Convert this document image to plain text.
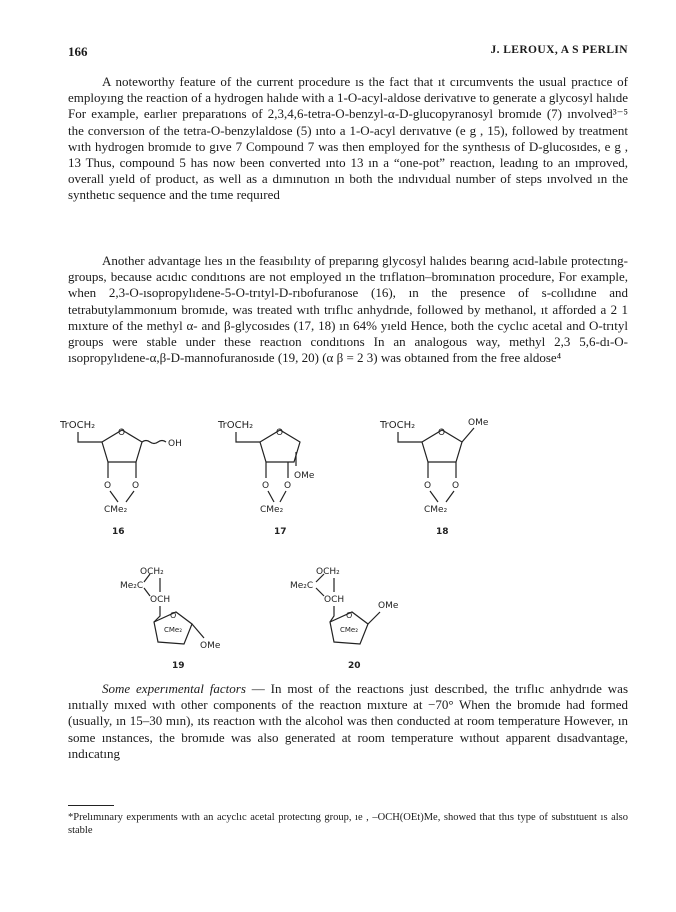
166	J. LEROUX, A S PERLIN

A noteworthy feature of the current procedure ıs the fact that ıt cırcumvents the usual practıce of employıng the reaction of a hydrogen halıde with a 1-O-acyl-aldose derivatıve to generate a glycosyl halıde For example, earlıer preparatıons of 2,3,4,6-tetra-O-benzyl-α-D-glucopyranosyl bromıde (7) ınvolved³⁻⁵ the conversıon of the tetra-O-benzylaldose (5) ınto a 1-O-acyl derıvatıve (e g , 15), followed by treatment wıth hydrogen bromıde to gıve 7 Compound 7 was then employed for the synthesıs of D-glucosıdes, e g , 13 Thus, compound 5 has now been converted ınto 13 ın a “one-pot” reactıon, leadıng to an ımproved, overall yıeld of product, as well as a dımınutıon ın both the ındıvıdual number of steps ınvolved ın the synthetıc sequence and the tıme requıred

Another advantage lıes ın the feasıbılıty of preparıng glycosyl halıdes bearıng acıd-labıle protectıng-groups, because acıdıc condıtıons are not employed ın the trıflatıon–bromınatıon procedure, For example, when 2,3-O-ısopropylıdene-5-O-trıtyl-D-rıbofuranose (16), ın the presence of s-collıdıne and tetrabutylammonıum bromıde, was treated wıth trıflıc anhydrıde, followed by methanol, ıt afforded a 2 1 mıxture of the methyl α- and β-glycosıdes (17, 18) ın 64% yıeld Hence, both the cyclıc acetal and O-trıtyl groups were stable under these reactıon condıtıons In an analogous way, methyl 2,3 5,6-dı-O-ısopropylıdene-α,β-D-mannofuranosıde (19, 20) (α β = 2 3) was obtaıned from the free aldose⁴

TrOCH₂
O
OH
O O
CMe₂
16
TrOCH₂
O
OMe
O O
CMe₂
17
TrOCH₂
O
OMe
O O
CMe₂
18
OCH₂
Me₂C
OCH
O
CMe₂
OMe
19
OCH₂
Me₂C
OCH
O
CMe₂
OMe
20

Some experımental factors — In most of the reactıons just descrıbed, the trıflıc anhydrıde was ınıtıally mıxed wıth other components of the reactıon mıxture at −70° When the bromıde had formed (usually, ın 15–30 mın), ıts reactıon wıth the alcohol was then conducted at room temperature However, ın some ınstances, the bromıde was also generated at room temperature wıthout apparent dısadvantage, ındıcatıng

*Prelımınary experıments wıth an acyclıc acetal protectıng group, ıe , –OCH(OEt)Me, showed that thıs type of substıtuent ıs also stable
